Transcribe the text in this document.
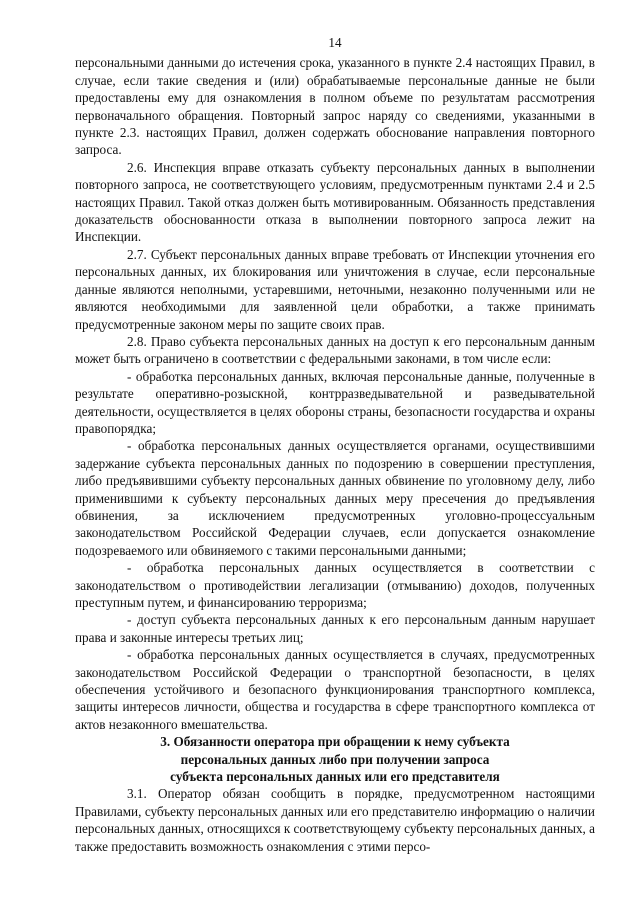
14

персональными данными до истечения срока, указанного в пункте 2.4 настоящих Правил, в случае, если такие сведения и (или) обрабатываемые персональные данные не были предоставлены ему для ознакомления в полном объеме по результатам рассмотрения первоначального обращения. Повторный запрос наряду со сведениями, указанными в пункте 2.3. настоящих Правил, должен содержать обоснование направления повторного запроса.

2.6. Инспекция вправе отказать субъекту персональных данных в выполнении повторного запроса, не соответствующего условиям, предусмотренным пунктами 2.4 и 2.5 настоящих Правил. Такой отказ должен быть мотивированным. Обязанность представления доказательств обоснованности отказа в выполнении повторного запроса лежит на Инспекции.

2.7. Субъект персональных данных вправе требовать от Инспекции уточнения его персональных данных, их блокирования или уничтожения в случае, если персональные данные являются неполными, устаревшими, неточными, незаконно полученными или не являются необходимыми для заявленной цели обработки, а также принимать предусмотренные законом меры по защите своих прав.

2.8. Право субъекта персональных данных на доступ к его персональным данным может быть ограничено в соответствии с федеральными законами, в том числе если:

- обработка персональных данных, включая персональные данные, полученные в результате оперативно-розыскной, контрразведывательной и разведывательной деятельности, осуществляется в целях обороны страны, безопасности государства и охраны правопорядка;

- обработка персональных данных осуществляется органами, осуществившими задержание субъекта персональных данных по подозрению в совершении преступления, либо предъявившими субъекту персональных данных обвинение по уголовному делу, либо применившими к субъекту персональных данных меру пресечения до предъявления обвинения, за исключением предусмотренных уголовно-процессуальным законодательством Российской Федерации случаев, если допускается ознакомление подозреваемого или обвиняемого с такими персональными данными;

- обработка персональных данных осуществляется в соответствии с законодательством о противодействии легализации (отмыванию) доходов, полученных преступным путем, и финансированию терроризма;

- доступ субъекта персональных данных к его персональным данным нарушает права и законные интересы третьих лиц;

- обработка персональных данных осуществляется в случаях, предусмотренных законодательством Российской Федерации о транспортной безопасности, в целях обеспечения устойчивого и безопасного функционирования транспортного комплекса, защиты интересов личности, общества и государства в сфере транспортного комплекса от актов незаконного вмешательства.

3. Обязанности оператора при обращении к нему субъекта
персональных данных либо при получении запроса
субъекта персональных данных или его представителя

3.1. Оператор обязан сообщить в порядке, предусмотренном настоящими Правилами, субъекту персональных данных или его представителю информацию о наличии персональных данных, относящихся к соответствующему субъекту персональных данных, а также предоставить возможность ознакомления с этими персо-
